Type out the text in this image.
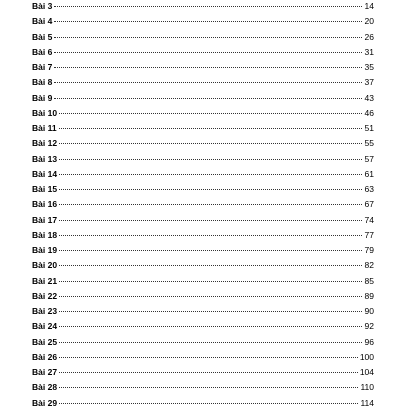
Bài 3	14
Bài 4	20
Bài 5	26
Bài 6	31
Bài 7	35
Bài 8	37
Bài 9	43
Bài 10	46
Bài 11	51
Bài 12	55
Bài 13	57
Bài 14	61
Bài 15	63
Bài 16	67
Bài 17	74
Bài 18	77
Bài 19	79
Bài 20	82
Bài 21	85
Bài 22	89
Bài 23	90
Bài 24	92
Bài 25	96
Bài 26	100
Bài 27	104
Bài 28	110
Bài 29	114
